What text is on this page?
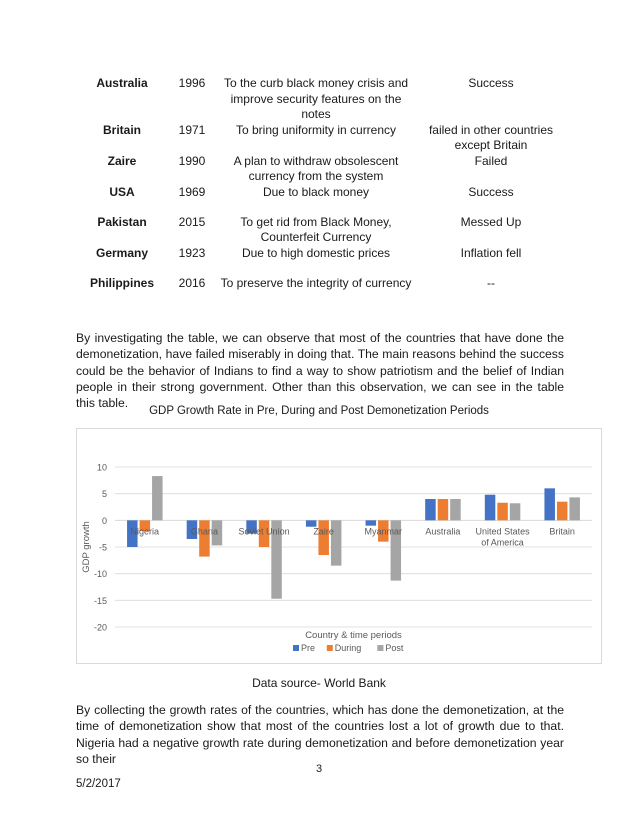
Australia	1996	To the curb black money crisis and improve security features on the notes	Success
Britain	1971	To bring uniformity in currency	failed in other countries except Britain
Zaire	1990	A plan to withdraw obsolescent currency from the system	Failed
USA	1969	Due to black money	Success
Pakistan	2015	To get rid from Black Money, Counterfeit Currency	Messed Up
Germany	1923	Due to high domestic prices	Inflation fell
Philippines	2016	To preserve the integrity of currency	--

By investigating the table, we can observe that most of the countries that have done the demonetization, have failed miserably in doing that. The main reasons behind the success could be the behavior of Indians to find a way to show patriotism and the belief of Indian people in their strong government. Other than this observation, we can see in the table this table.

GDP Growth Rate in Pre, During and Post Demonetization Periods
10
5
0
-5
-10
-15
-20
GDP growth	Nigeria	Ghana Soviet Union	Zaire	Myanmar	Australia United States
of America
Britain
Country & time periods
Pre During	Post
Data source- World Bank

By collecting the growth rates of the countries, which has done the demonetization, at the time of demonetization show that most of the countries lost a lot of growth due to that. Nigeria had a negative growth rate during demonetization and before demonetization year so their

3
5/2/2017
